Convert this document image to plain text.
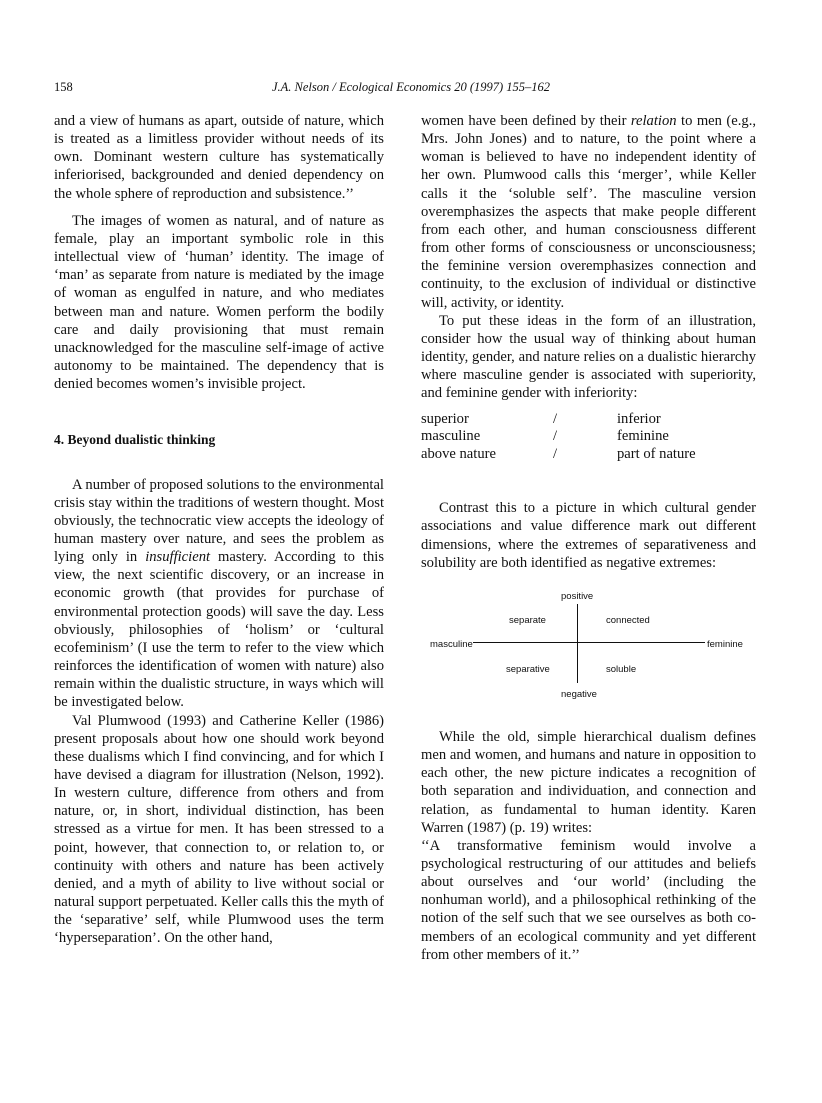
158	J.A. Nelson / Ecological Economics 20 (1997) 155–162

and a view of humans as apart, outside of nature, which is treated as a limitless provider without needs of its own. Dominant western culture has systematically inferiorised, backgrounded and denied dependency on the whole sphere of reproduction and subsistence.’’

The images of women as natural, and of nature as female, play an important symbolic role in this intellectual view of ‘human’ identity. The image of ‘man’ as separate from nature is mediated by the image of woman as engulfed in nature, and who mediates between man and nature. Women perform the bodily care and daily provisioning that must remain unacknowledged for the masculine self-image of active autonomy to be maintained. The dependency that is denied becomes women’s invisible project.

4. Beyond dualistic thinking

A number of proposed solutions to the environmental crisis stay within the traditions of western thought. Most obviously, the technocratic view accepts the ideology of human mastery over nature, and sees the problem as lying only in insufficient mastery. According to this view, the next scientific discovery, or an increase in economic growth (that provides for purchase of environmental protection goods) will save the day. Less obviously, philosophies of ‘holism’ or ‘cultural ecofeminism’ (I use the term to refer to the view which reinforces the identification of women with nature) also remain within the dualistic structure, in ways which will be investigated below.

Val Plumwood (1993) and Catherine Keller (1986) present proposals about how one should work beyond these dualisms which I find convincing, and for which I have devised a diagram for illustration (Nelson, 1992). In western culture, difference from others and from nature, or, in short, individual distinction, has been stressed as a virtue for men. It has been stressed to a point, however, that connection to, or relation to, or continuity with others and nature has been actively denied, and a myth of ability to live without social or natural support perpetuated. Keller calls this the myth of the ‘separative’ self, while Plumwood uses the term ‘hyperseparation’. On the other hand,

women have been defined by their relation to men (e.g., Mrs. John Jones) and to nature, to the point where a woman is believed to have no independent identity of her own. Plumwood calls this ‘merger’, while Keller calls it the ‘soluble self’. The masculine version overemphasizes the aspects that make people different from each other, and human consciousness different from other forms of consciousness or unconsciousness; the feminine version overemphasizes connection and continuity, to the exclusion of individual or distinctive will, activity, or identity.

To put these ideas in the form of an illustration, consider how the usual way of thinking about human identity, gender, and nature relies on a dualistic hierarchy where masculine gender is associated with superiority, and feminine gender with inferiority:

superior	/	inferior
masculine	/	feminine
above nature	/	part of nature

Contrast this to a picture in which cultural gender associations and value difference mark out different dimensions, where the extremes of separativeness and solubility are both identified as negative extremes:

positive
negative
masculine	feminine
separate	connected
separative	soluble

While the old, simple hierarchical dualism defines men and women, and humans and nature in opposition to each other, the new picture indicates a recognition of both separation and individuation, and connection and relation, as fundamental to human identity. Karen Warren (1987) (p. 19) writes:

‘‘A transformative feminism would involve a psychological restructuring of our attitudes and beliefs about ourselves and ‘our world’ (including the nonhuman world), and a philosophical rethinking of the notion of the self such that we see ourselves as both co-members of an ecological community and yet different from other members of it.’’
